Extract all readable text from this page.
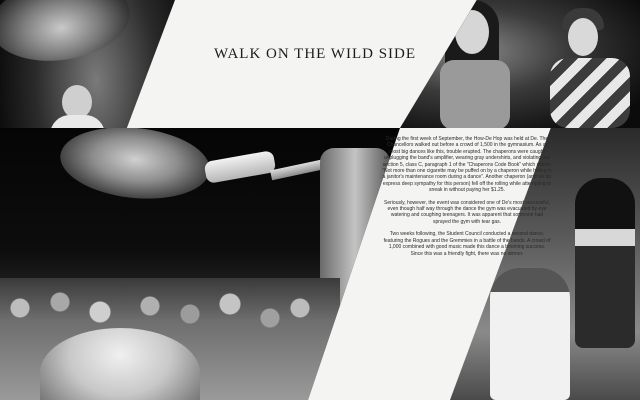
WALK ON THE WILD SIDE

During the first week of September, the How-De Hop was held at De. The Chancellors walked out before a crowd of 1,500 in the gymnasium. As at most big dances like this, trouble erupted. The chaperons were caught unplugging the band's amplifier, wearing gray undershirts, and violating law section 5, class C, paragraph 1 of the "Chaperons Code Book" which states: "Not more than one cigarette may be puffed on by a chaperon while hiding in a janitor's maintenance room during a dance". Another chaperon (and we do express deep sympathy for this person) fell off the rolling while attempting to sneak in without paying her $1.25.

Seriously, however, the event was considered one of De's most successful, even though half way through the dance the gym was evacuated by eye watering and coughing teenagers. It was apparent that someone had sprayed the gym with tear gas.

Two weeks following, the Student Council conducted a second dance, featuring the Rogues and the Gremmies in a battle of the bands. A crowd of 1,000 combined with good music made this dance a booming success. Since this was a friendly fight, there was no winner.
